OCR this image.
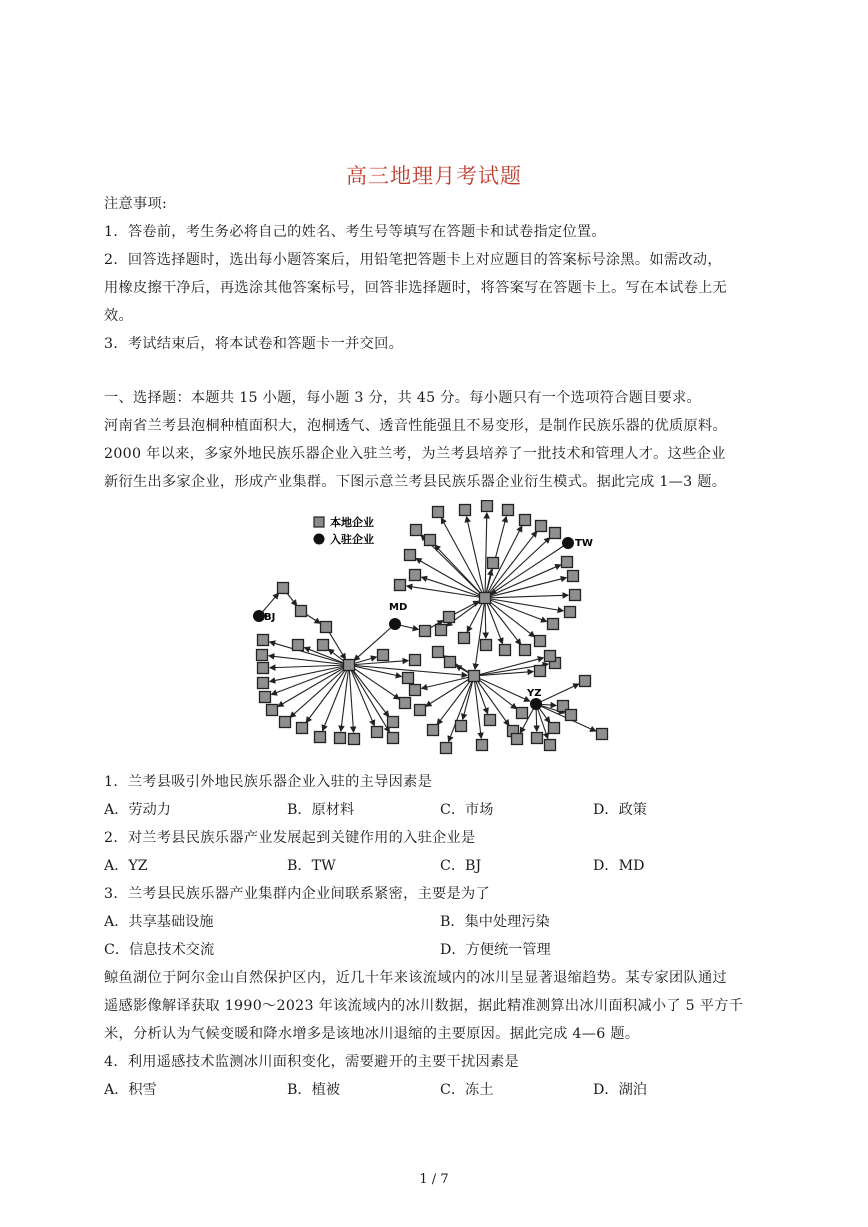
高三地理月考试题
注意事项:
1．答卷前，考生务必将自己的姓名、考生号等填写在答题卡和试卷指定位置。
2．回答选择题时，选出每小题答案后，用铅笔把答题卡上对应题目的答案标号涂黑。如需改动，
用橡皮擦干净后，再选涂其他答案标号，回答非选择题时，将答案写在答题卡上。写在本试卷上无
效。
3．考试结束后，将本试卷和答题卡一并交回。
一、选择题：本题共 15 小题，每小题 3 分，共 45 分。每小题只有一个选项符合题目要求。
河南省兰考县泡桐种植面积大，泡桐透气、透音性能强且不易变形，是制作民族乐器的优质原料。
2000 年以来，多家外地民族乐器企业入驻兰考，为兰考县培养了一批技术和管理人才。这些企业
新衍生出多家企业，形成产业集群。下图示意兰考县民族乐器企业衍生模式。据此完成 1—3 题。
本地企业
入驻企业	TW
BJ
MD
YZ
1．兰考县吸引外地民族乐器企业入驻的主导因素是
A．劳动力	B．原材料	C．市场	D．政策
2．对兰考县民族乐器产业发展起到关键作用的入驻企业是
A．YZ	B．TW	C．BJ	D．MD
3．兰考县民族乐器产业集群内企业间联系紧密，主要是为了
A．共享基础设施	B．集中处理污染
C．信息技术交流	D．方便统一管理
鲸鱼湖位于阿尔金山自然保护区内，近几十年来该流域内的冰川呈显著退缩趋势。某专家团队通过
遥感影像解译获取 1990～2023 年该流域内的冰川数据，据此精准测算出冰川面积减小了 5 平方千
米，分析认为气候变暖和降水增多是该地冰川退缩的主要原因。据此完成 4—6 题。
4．利用遥感技术监测冰川面积变化，需要避开的主要干扰因素是
A．积雪	B．植被	C．冻土	D．湖泊
1 / 7
